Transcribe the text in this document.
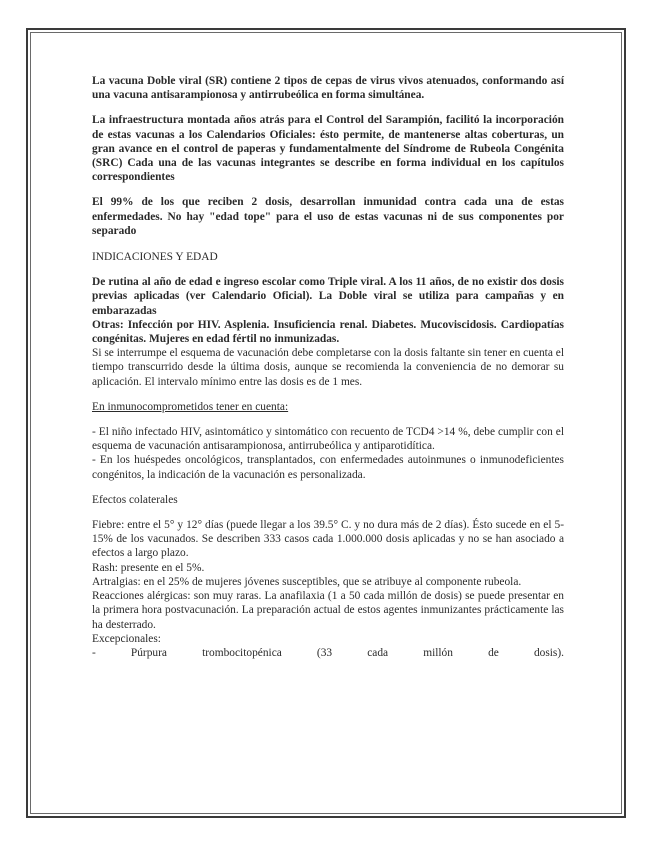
La vacuna Doble viral (SR) contiene 2 tipos de cepas de virus vivos atenuados, conformando así una vacuna antisarampionosa y antirrubeólica en forma simultánea.

La infraestructura montada años atrás para el Control del Sarampión, facilitó la incorporación de estas vacunas a los Calendarios Oficiales: ésto permite, de mantenerse altas coberturas, un gran avance en el control de paperas y fundamentalmente del Síndrome de Rubeola Congénita (SRC) Cada una de las vacunas integrantes se describe en forma individual en los capítulos correspondientes

El 99% de los que reciben 2 dosis, desarrollan inmunidad contra cada una de estas enfermedades. No hay "edad tope" para el uso de estas vacunas ni de sus componentes por separado

INDICACIONES Y EDAD

De rutina al año de edad e ingreso escolar como Triple viral. A los 11 años, de no existir dos dosis previas aplicadas (ver Calendario Oficial). La Doble viral se utiliza para campañas y en embarazadas

Otras: Infección por HIV. Asplenia. Insuficiencia renal. Diabetes. Mucoviscidosis. Cardiopatías congénitas. Mujeres en edad fértil no inmunizadas.

Si se interrumpe el esquema de vacunación debe completarse con la dosis faltante sin tener en cuenta el tiempo transcurrido desde la última dosis, aunque se recomienda la conveniencia de no demorar su aplicación. El intervalo mínimo entre las dosis es de 1 mes.

En inmunocomprometidos tener en cuenta:

- El niño infectado HIV, asintomático y sintomático con recuento de TCD4 >14 %, debe cumplir con el esquema de vacunación antisarampionosa, antirrubeólica y antiparotidítica.

- En los huéspedes oncológicos, transplantados, con enfermedades autoinmunes o inmunodeficientes congénitos, la indicación de la vacunación es personalizada.

Efectos colaterales

Fiebre: entre el 5° y 12° días (puede llegar a los 39.5° C. y no dura más de 2 días). Ésto sucede en el 5-15% de los vacunados. Se describen 333 casos cada 1.000.000 dosis aplicadas y no se han asociado a efectos a largo plazo.

Rash: presente en el 5%.

Artralgias: en el 25% de mujeres jóvenes susceptibles, que se atribuye al componente rubeola.

Reacciones alérgicas: son muy raras. La anafilaxia (1 a 50 cada millón de dosis) se puede presentar en la primera hora postvacunación. La preparación actual de estos agentes inmunizantes prácticamente las ha desterrado.

Excepcionales:

-	Púrpura	trombocitopénica	(33	cada	millón	de	dosis).
